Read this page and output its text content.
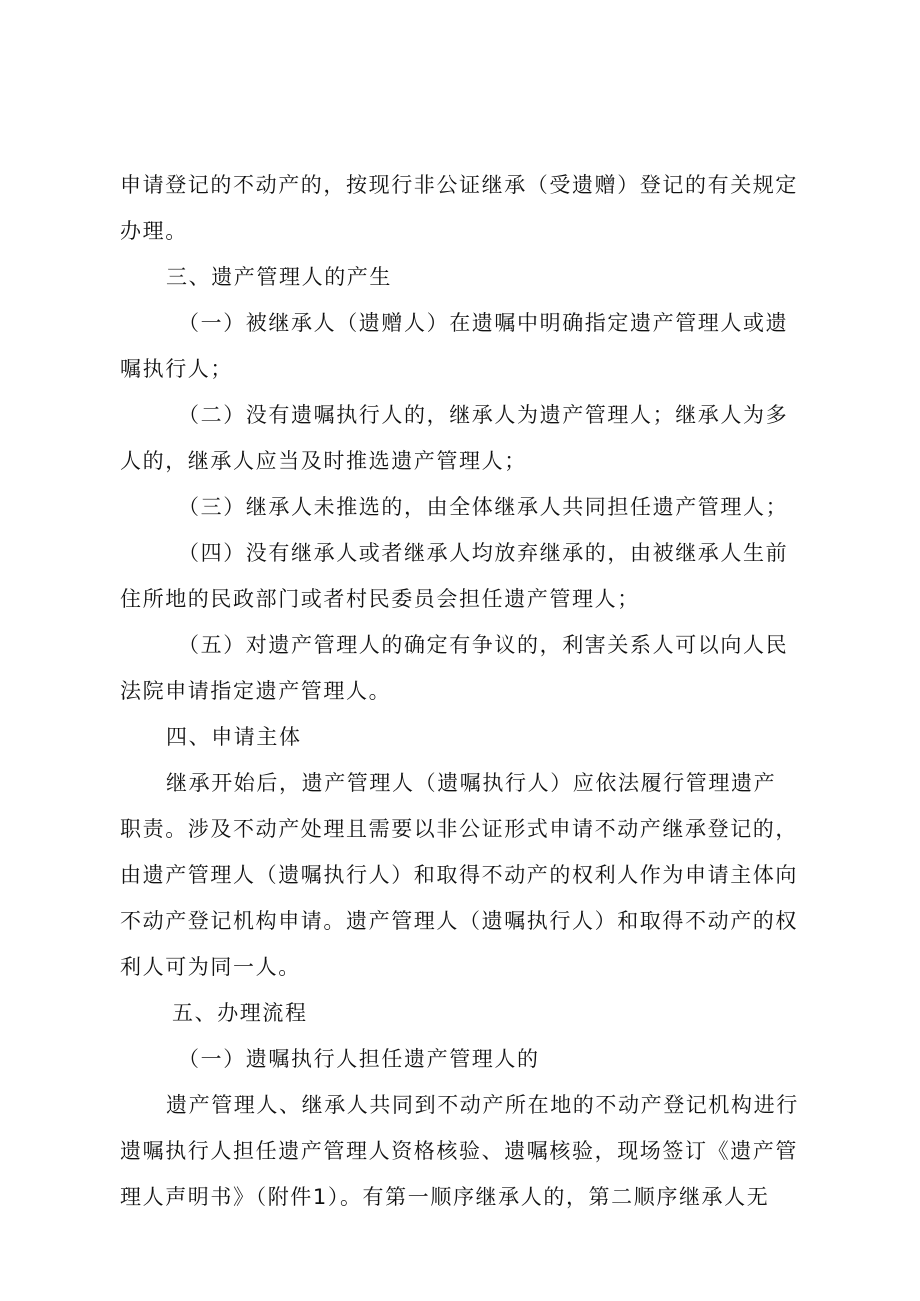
申请登记的不动产的，按现行非公证继承（受遗赠）登记的有关规定
办理。
三、遗产管理人的产生
（一）被继承人（遗赠人）在遗嘱中明确指定遗产管理人或遗
嘱执行人；
（二）没有遗嘱执行人的，继承人为遗产管理人；继承人为多
人的，继承人应当及时推选遗产管理人；
（三）继承人未推选的，由全体继承人共同担任遗产管理人；
（四）没有继承人或者继承人均放弃继承的，由被继承人生前
住所地的民政部门或者村民委员会担任遗产管理人；
（五）对遗产管理人的确定有争议的，利害关系人可以向人民
法院申请指定遗产管理人。
四、申请主体
继承开始后，遗产管理人（遗嘱执行人）应依法履行管理遗产
职责。涉及不动产处理且需要以非公证形式申请不动产继承登记的，
由遗产管理人（遗嘱执行人）和取得不动产的权利人作为申请主体向
不动产登记机构申请。遗产管理人（遗嘱执行人）和取得不动产的权
利人可为同一人。
五、办理流程
（一）遗嘱执行人担任遗产管理人的
遗产管理人、继承人共同到不动产所在地的不动产登记机构进行
遗嘱执行人担任遗产管理人资格核验、遗嘱核验，现场签订《遗产管
理人声明书》（附件1）。有第一顺序继承人的，第二顺序继承人无
